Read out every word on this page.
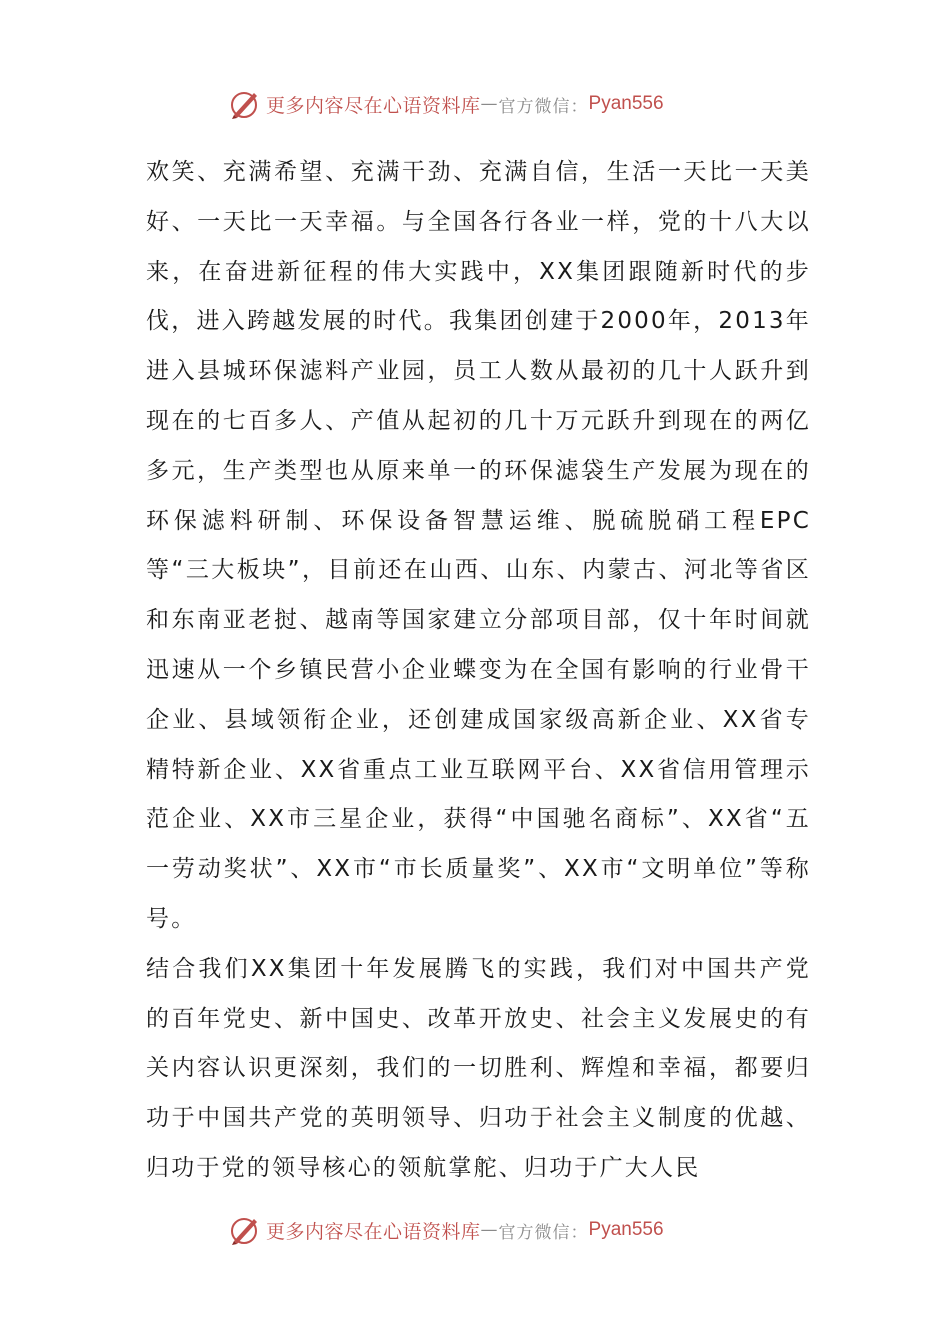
更多内容尽在心语资料库 — 官方微信： Pyan556

欢笑、充满希望、充满干劲、充满自信，生活一天比一天美好、一天比一天幸福。与全国各行各业一样，党的十八大以来，在奋进新征程的伟大实践中，XX集团跟随新时代的步伐，进入跨越发展的时代。我集团创建于2000年，2013年进入县城环保滤料产业园，员工人数从最初的几十人跃升到现在的七百多人、产值从起初的几十万元跃升到现在的两亿多元，生产类型也从原来单一的环保滤袋生产发展为现在的环保滤料研制、环保设备智慧运维、脱硫脱硝工程EPC等“三大板块”，目前还在山西、山东、内蒙古、河北等省区和东南亚老挝、越南等国家建立分部项目部，仅十年时间就迅速从一个乡镇民营小企业蝶变为在全国有影响的行业骨干企业、县域领衔企业，还创建成国家级高新企业、XX省专精特新企业、XX省重点工业互联网平台、XX省信用管理示范企业、XX市三星企业，获得“中国驰名商标”、XX省“五一劳动奖状”、XX市“市长质量奖”、XX市“文明单位”等称号。

结合我们XX集团十年发展腾飞的实践，我们对中国共产党的百年党史、新中国史、改革开放史、社会主义发展史的有关内容认识更深刻，我们的一切胜利、辉煌和幸福，都要归功于中国共产党的英明领导、归功于社会主义制度的优越、归功于党的领导核心的领航掌舵、归功于广大人民

更多内容尽在心语资料库 — 官方微信： Pyan556
